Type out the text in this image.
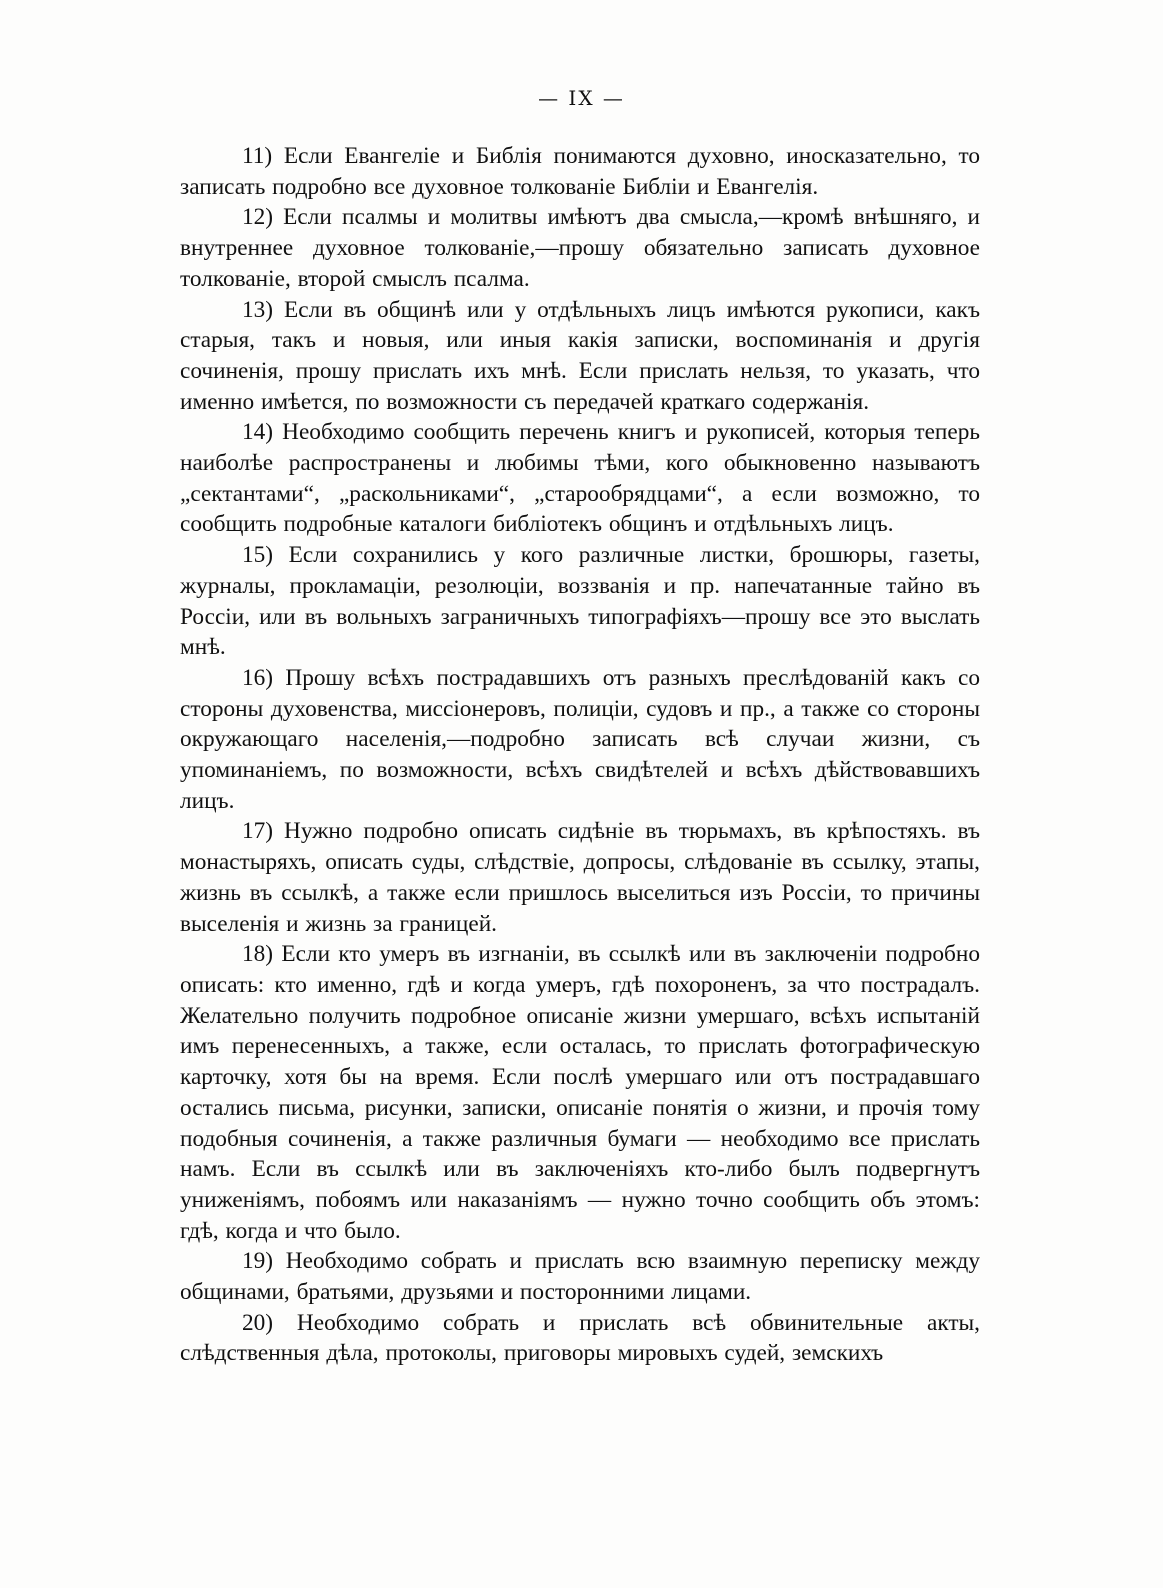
— IX —

11) Если Евангеліе и Библія понимаются духовно, иносказательно, то записать подробно все духовное толкованіе Библіи и Евангелія.

12) Если псалмы и молитвы имѣютъ два смысла,—кромѣ внѣшняго, и внутреннее духовное толкованіе,—прошу обязательно записать духовное толкованіе, второй смыслъ псалма.

13) Если въ общинѣ или у отдѣльныхъ лицъ имѣются рукописи, какъ старыя, такъ и новыя, или иныя какія записки, воспоминанія и другія сочиненія, прошу прислать ихъ мнѣ. Если прислать нельзя, то указать, что именно имѣется, по возможности съ передачей краткаго содержанія.

14) Необходимо сообщить перечень книгъ и рукописей, которыя теперь наиболѣе распространены и любимы тѣми, кого обыкновенно называютъ „сектантами“, „раскольниками“, „старообрядцами“, а если возможно, то сообщить подробные каталоги библіотекъ общинъ и отдѣльныхъ лицъ.

15) Если сохранились у кого различные листки, брошюры, газеты, журналы, прокламаціи, резолюціи, воззванія и пр. напечатанные тайно въ Россіи, или въ вольныхъ заграничныхъ типографіяхъ—прошу все это выслать мнѣ.

16) Прошу всѣхъ пострадавшихъ отъ разныхъ преслѣдованій какъ со стороны духовенства, миссіонеровъ, полиціи, судовъ и пр., а также со стороны окружающаго населенія,—подробно записать всѣ случаи жизни, съ упоминаніемъ, по возможности, всѣхъ свидѣтелей и всѣхъ дѣйствовавшихъ лицъ.

17) Нужно подробно описать сидѣніе въ тюрьмахъ, въ крѣпостяхъ. въ монастыряхъ, описать суды, слѣдствіе, допросы, слѣдованіе въ ссылку, этапы, жизнь въ ссылкѣ, а также если пришлось выселиться изъ Россіи, то причины выселенія и жизнь за границей.

18) Если кто умеръ въ изгнаніи, въ ссылкѣ или въ заключеніи подробно описать: кто именно, гдѣ и когда умеръ, гдѣ похороненъ, за что пострадалъ. Желательно получить подробное описаніе жизни умершаго, всѣхъ испытаній имъ перенесенныхъ, а также, если осталась, то прислать фотографическую карточку, хотя бы на время. Если послѣ умершаго или отъ пострадавшаго остались письма, рисунки, записки, описаніе понятія о жизни, и прочія тому подобныя сочиненія, а также различныя бумаги — необходимо все прислать намъ. Если въ ссылкѣ или въ заключеніяхъ кто-либо былъ подвергнутъ униженіямъ, побоямъ или наказаніямъ — нужно точно сообщить объ этомъ: гдѣ, когда и что было.

19) Необходимо собрать и прислать всю взаимную переписку между общинами, братьями, друзьями и посторонними лицами.

20) Необходимо собрать и прислать всѣ обвинительные акты, слѣдственныя дѣла, протоколы, приговоры мировыхъ судей, земскихъ
